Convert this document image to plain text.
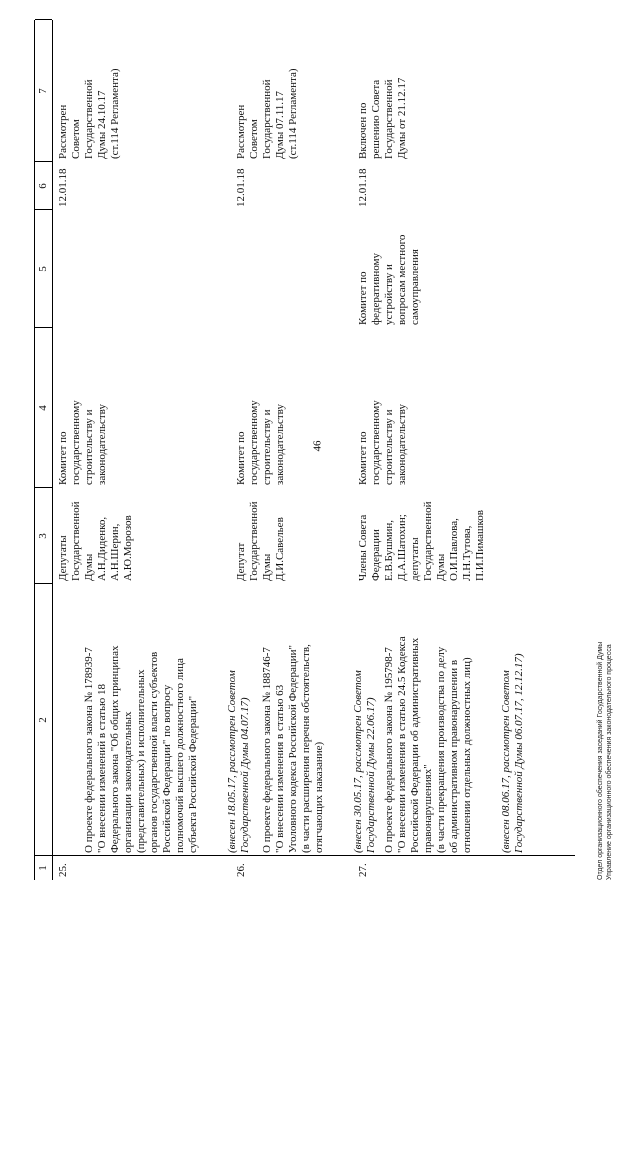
46
1
2
3
4
5
6
7
25.

О проекте федерального закона № 178939-7
"О внесении изменений в статью 18
Федерального закона "Об общих принципах
организации законодательных
(представительных) и исполнительных
органов государственной власти субъектов
Российской Федерации" по вопросу
полномочий высшего должностного лица
субъекта Российской Федерации"

(внесен 18.05.17, рассмотрен Советом
Государственной Думы 04.07.17)

Депутаты
Государственной
Думы
А.Н.Диденко,
А.Н.Шерин,
А.Ю.Морозов
Комитет по
государственному
строительству и
законодательству
12.01.18
Рассмотрен
Советом
Государственной
Думы 24.10.17
(ст.114 Регламента)
26.

О проекте федерального закона № 188746-7
"О внесении изменения в статью 63
Уголовного кодекса Российской Федерации"
(в части расширения перечня обстоятельств,
отягчающих наказание)

(внесен 30.05.17, рассмотрен Советом
Государственной Думы 22.06.17)

Депутат
Государственной
Думы
Д.И.Савельев
Комитет по
государственному
строительству и
законодательству
12.01.18
Рассмотрен
Советом
Государственной
Думы 07.11.17
(ст.114 Регламента)
27.

О проекте федерального закона № 195798-7
"О внесении изменения в статью 24.5 Кодекса
Российской Федерации об административных
правонарушениях"
(в части прекращения производства по делу
об административном правонарушении в
отношении отдельных должностных лиц)

(внесен 08.06.17, рассмотрен Советом
Государственной Думы 06.07.17, 12.12.17)

Члены Совета
Федерации
Е.В.Бушмин,
Д.А.Шатохин;
депутаты
Государственной
Думы
О.И.Павлова,
Л.Н.Тутова,
П.И.Пимашков
Комитет по
государственному
строительству и
законодательству
Комитет по
федеративному
устройству и
вопросам местного
самоуправления
12.01.18
Включен по
решению Совета
Государственной
Думы от 21.12.17
Отдел организационного обеспечения заседаний Государственной Думы Управление организационного обеспечения законодательного процесса
